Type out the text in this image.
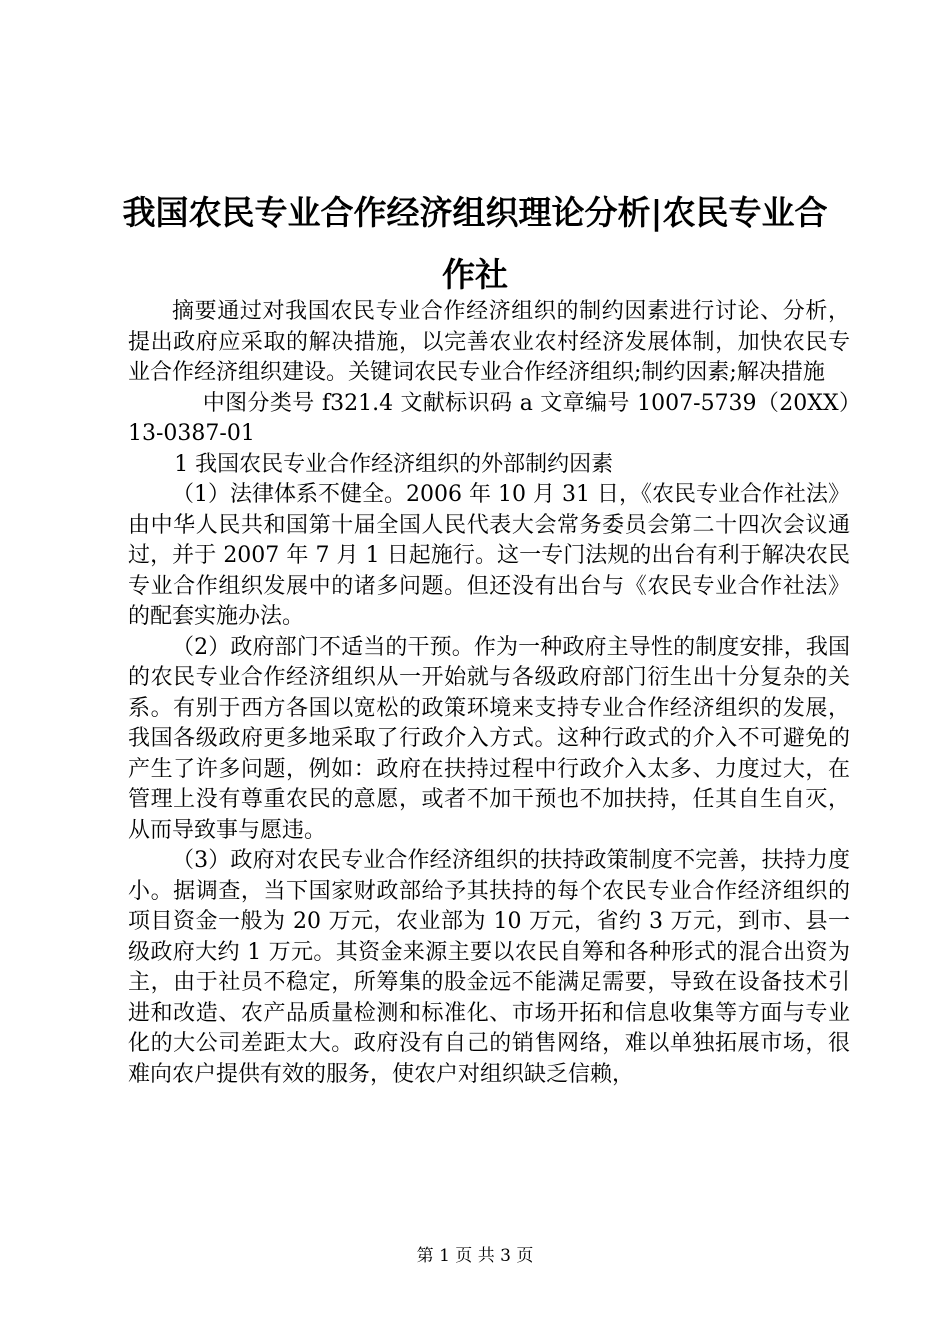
我国农民专业合作经济组织理论分析|农民专业合作社

摘要通过对我国农民专业合作经济组织的制约因素进行讨论、分析，提出政府应采取的解决措施，以完善农业农村经济发展体制，加快农民专业合作经济组织建设。关键词农民专业合作经济组织;制约因素;解决措施

中图分类号 f321.4 文献标识码 a 文章编号 1007-5739（20XX）13-0387-01

1 我国农民专业合作经济组织的外部制约因素

（1）法律体系不健全。2006 年 10 月 31 日，《农民专业合作社法》由中华人民共和国第十届全国人民代表大会常务委员会第二十四次会议通过，并于 2007 年 7 月 1 日起施行。这一专门法规的出台有利于解决农民专业合作组织发展中的诸多问题。但还没有出台与《农民专业合作社法》的配套实施办法。

（2）政府部门不适当的干预。作为一种政府主导性的制度安排，我国的农民专业合作经济组织从一开始就与各级政府部门衍生出十分复杂的关系。有别于西方各国以宽松的政策环境来支持专业合作经济组织的发展，我国各级政府更多地采取了行政介入方式。这种行政式的介入不可避免的产生了许多问题，例如：政府在扶持过程中行政介入太多、力度过大，在管理上没有尊重农民的意愿，或者不加干预也不加扶持，任其自生自灭，从而导致事与愿违。

（3）政府对农民专业合作经济组织的扶持政策制度不完善，扶持力度小。据调查，当下国家财政部给予其扶持的每个农民专业合作经济组织的项目资金一般为 20 万元，农业部为 10 万元，省约 3 万元，到市、县一级政府大约 1 万元。其资金来源主要以农民自筹和各种形式的混合出资为主，由于社员不稳定，所筹集的股金远不能满足需要，导致在设备技术引进和改造、农产品质量检测和标准化、市场开拓和信息收集等方面与专业化的大公司差距太大。政府没有自己的销售网络，难以单独拓展市场，很难向农户提供有效的服务，使农户对组织缺乏信赖，

第 1 页 共 3 页
